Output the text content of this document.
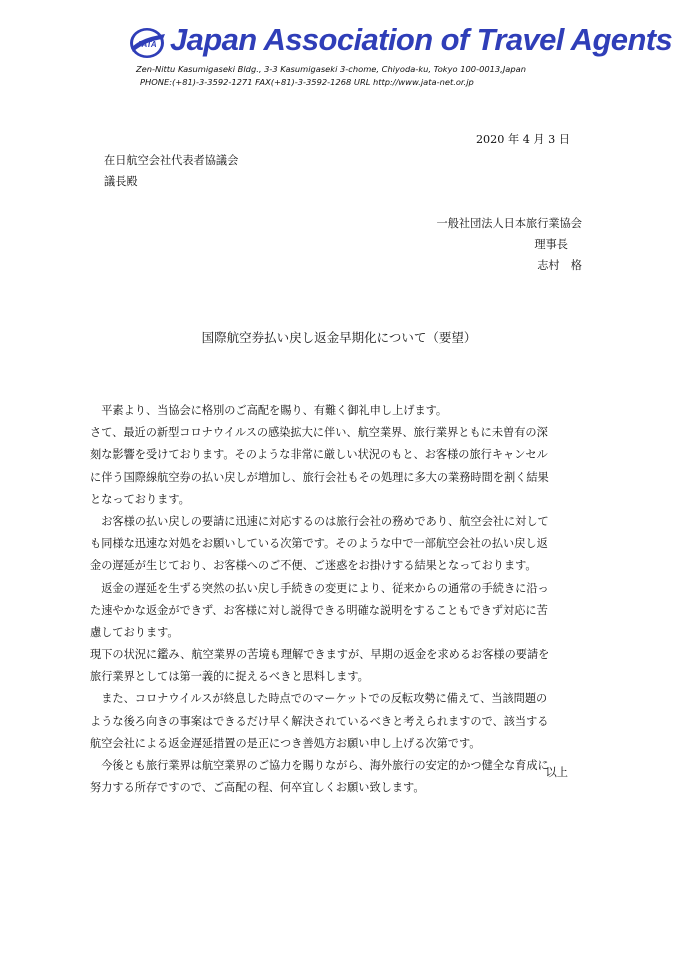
JATA Japan Association of Travel Agents
Zen-Nittu Kasumigaseki Bldg., 3-3 Kasumigaseki 3-chome, Chiyoda-ku, Tokyo 100-0013,Japan
PHONE:(+81)-3-3592-1271 FAX(+81)-3-3592-1268 URL http://www.jata-net.or.jp
2020 年 4 月 3 日
在日航空会社代表者協議会
議長殿
一般社団法人日本旅行業協会
理事長
志村　格
国際航空券払い戻し返金早期化について（要望）
　平素より、当協会に格別のご高配を賜り、有難く御礼申し上げます。
さて、最近の新型コロナウイルスの感染拡大に伴い、航空業界、旅行業界ともに未曽有の深
刻な影響を受けております。そのような非常に厳しい状況のもと、お客様の旅行キャンセル
に伴う国際線航空券の払い戻しが増加し、旅行会社もその処理に多大の業務時間を割く結果
となっております。
　お客様の払い戻しの要請に迅速に対応するのは旅行会社の務めであり、航空会社に対して
も同様な迅速な対処をお願いしている次第です。そのような中で一部航空会社の払い戻し返
金の遅延が生じており、お客様へのご不便、ご迷惑をお掛けする結果となっております。
　返金の遅延を生ずる突然の払い戻し手続きの変更により、従来からの通常の手続きに沿っ
た速やかな返金ができず、お客様に対し説得できる明確な説明をすることもできず対応に苦
慮しております。
現下の状況に鑑み、航空業界の苦境も理解できますが、早期の返金を求めるお客様の要請を
旅行業界としては第一義的に捉えるべきと思料します。
　また、コロナウイルスが終息した時点でのマーケットでの反転攻勢に備えて、当該問題の
ような後ろ向きの事案はできるだけ早く解決されているべきと考えられますので、該当する
航空会社による返金遅延措置の是正につき善処方お願い申し上げる次第です。
　今後とも旅行業界は航空業界のご協力を賜りながら、海外旅行の安定的かつ健全な育成に
努力する所存ですので、ご高配の程、何卒宜しくお願い致します。
以上
